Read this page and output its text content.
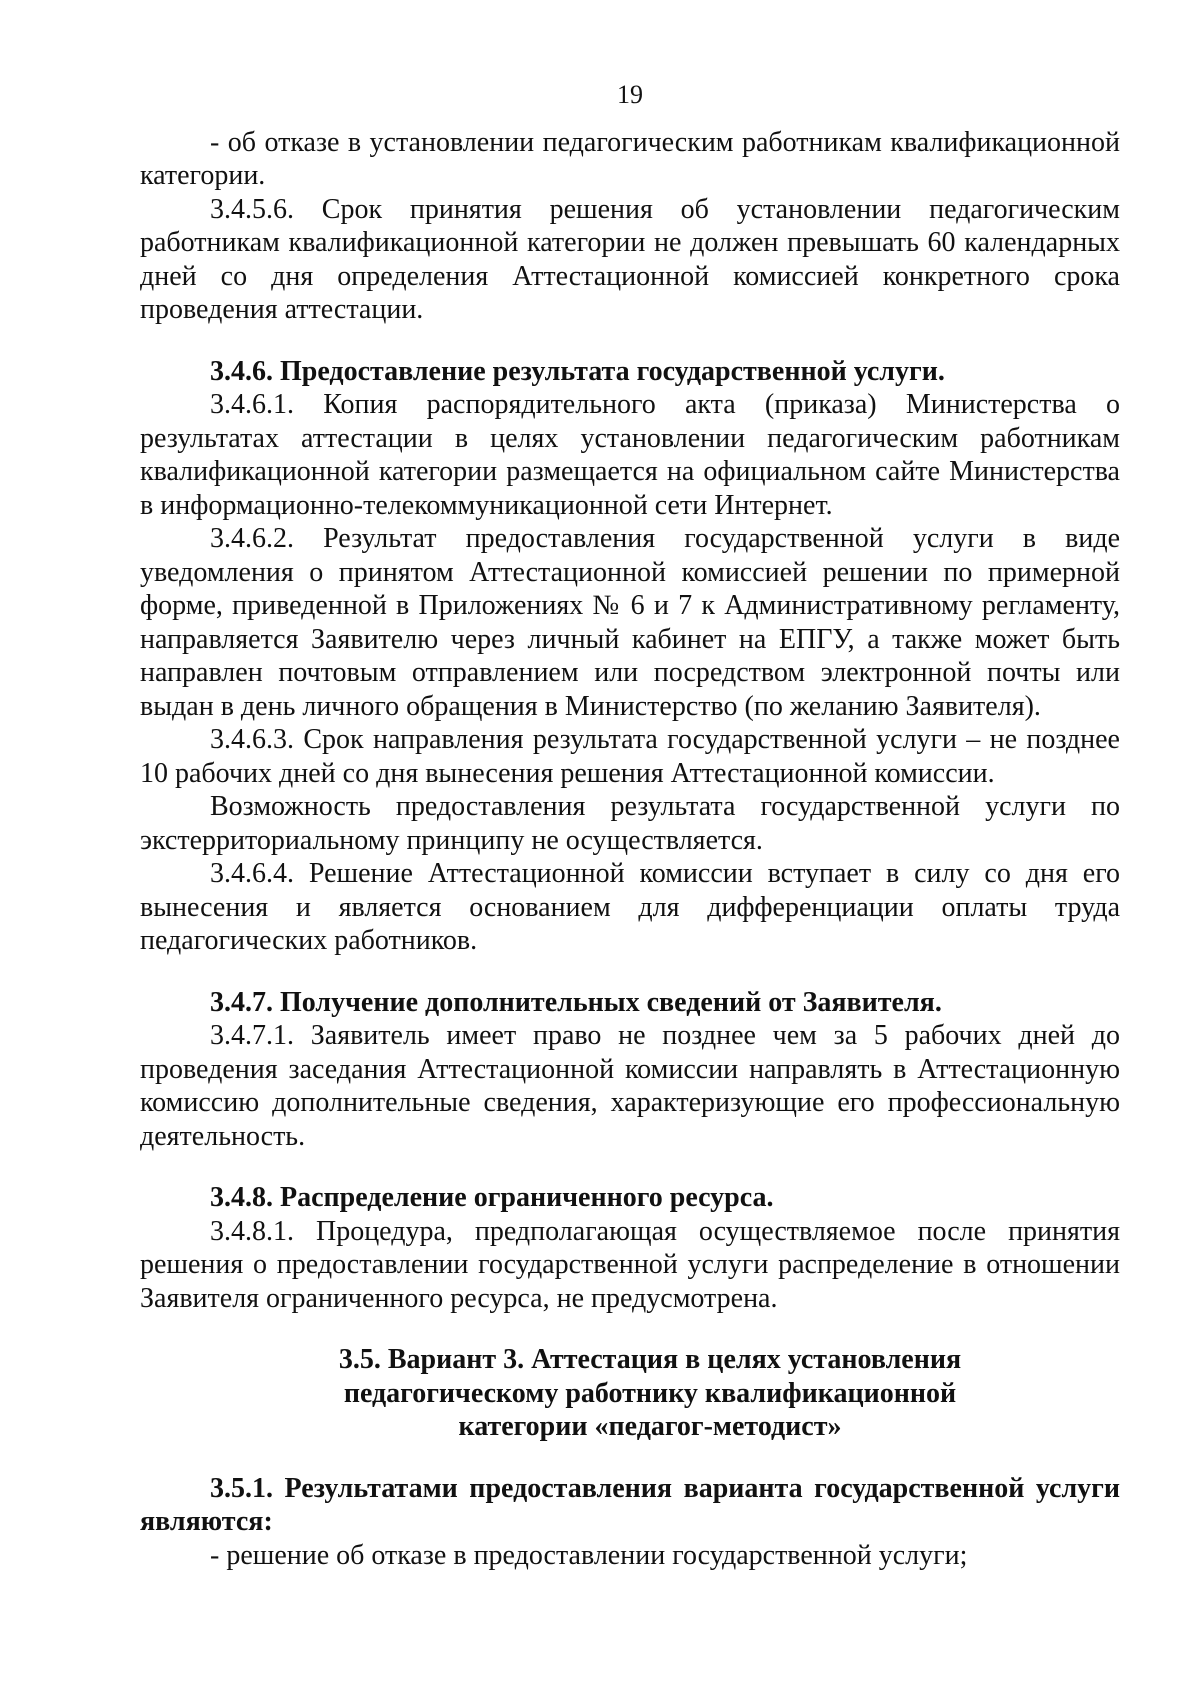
19

- об отказе в установлении педагогическим работникам квалификационной категории.

3.4.5.6. Срок принятия решения об установлении педагогическим работникам квалификационной категории не должен превышать 60 календарных дней со дня определения Аттестационной комиссией конкретного срока проведения аттестации.

3.4.6. Предоставление результата государственной услуги.

3.4.6.1. Копия распорядительного акта (приказа) Министерства о результатах аттестации в целях установлении педагогическим работникам квалификационной категории размещается на официальном сайте Министерства в информационно-телекоммуникационной сети Интернет.

3.4.6.2. Результат предоставления государственной услуги в виде уведомления о принятом Аттестационной комиссией решении по примерной форме, приведенной в Приложениях № 6 и 7 к Административному регламенту, направляется Заявителю через личный кабинет на ЕПГУ, а также может быть направлен почтовым отправлением или посредством электронной почты или выдан в день личного обращения в Министерство (по желанию Заявителя).

3.4.6.3. Срок направления результата государственной услуги – не позднее 10 рабочих дней со дня вынесения решения Аттестационной комиссии.

Возможность предоставления результата государственной услуги по экстерриториальному принципу не осуществляется.

3.4.6.4. Решение Аттестационной комиссии вступает в силу со дня его вынесения и является основанием для дифференциации оплаты труда педагогических работников.

3.4.7. Получение дополнительных сведений от Заявителя.

3.4.7.1. Заявитель имеет право не позднее чем за 5 рабочих дней до проведения заседания Аттестационной комиссии направлять в Аттестационную комиссию дополнительные сведения, характеризующие его профессиональную деятельность.

3.4.8. Распределение ограниченного ресурса.

3.4.8.1. Процедура, предполагающая осуществляемое после принятия решения о предоставлении государственной услуги распределение в отношении Заявителя ограниченного ресурса, не предусмотрена.

3.5. Вариант 3. Аттестация в целях установления
педагогическому работнику квалификационной
категории «педагог-методист»

3.5.1. Результатами предоставления варианта государственной услуги являются:

- решение об отказе в предоставлении государственной услуги;
